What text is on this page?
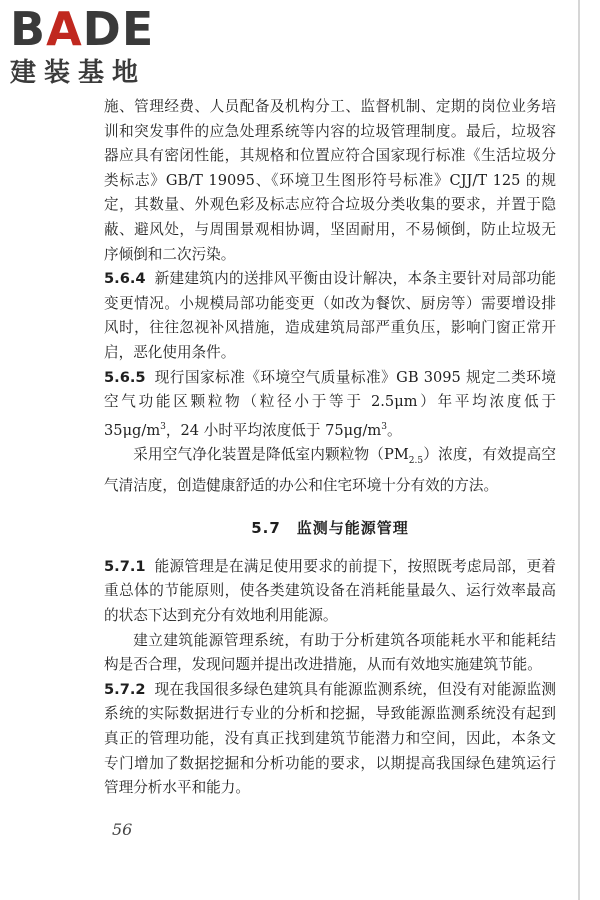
BADE
建装基地

施、管理经费、人员配备及机构分工、监督机制、定期的岗位业务培训和突发事件的应急处理系统等内容的垃圾管理制度。最后，垃圾容器应具有密闭性能，其规格和位置应符合国家现行标准《生活垃圾分类标志》GB/T 19095、《环境卫生图形符号标准》CJJ/T 125 的规定，其数量、外观色彩及标志应符合垃圾分类收集的要求，并置于隐蔽、避风处，与周围景观相协调，坚固耐用，不易倾倒，防止垃圾无序倾倒和二次污染。

5.6.4 新建建筑内的送排风平衡由设计解决，本条主要针对局部功能变更情况。小规模局部功能变更（如改为餐饮、厨房等）需要增设排风时，往往忽视补风措施，造成建筑局部严重负压，影响门窗正常开启，恶化使用条件。

5.6.5 现行国家标准《环境空气质量标准》GB 3095 规定二类环境空气功能区颗粒物（粒径小于等于 2.5μm）年平均浓度低于 $35\mu g/m^3$，24 小时平均浓度低于 $75\mu g/m^3$。

采用空气净化装置是降低室内颗粒物$(PM_{2.5})$浓度，有效提高空气清洁度，创造健康舒适的办公和住宅环境十分有效的方法。

5.7　监测与能源管理

5.7.1 能源管理是在满足使用要求的前提下，按照既考虑局部，更着重总体的节能原则，使各类建筑设备在消耗能量最久、运行效率最高的状态下达到充分有效地利用能源。

建立建筑能源管理系统，有助于分析建筑各项能耗水平和能耗结构是否合理，发现问题并提出改进措施，从而有效地实施建筑节能。

5.7.2 现在我国很多绿色建筑具有能源监测系统，但没有对能源监测系统的实际数据进行专业的分析和挖掘，导致能源监测系统没有起到真正的管理功能，没有真正找到建筑节能潜力和空间，因此，本条文专门增加了数据挖掘和分析功能的要求，以期提高我国绿色建筑运行管理分析水平和能力。

56
